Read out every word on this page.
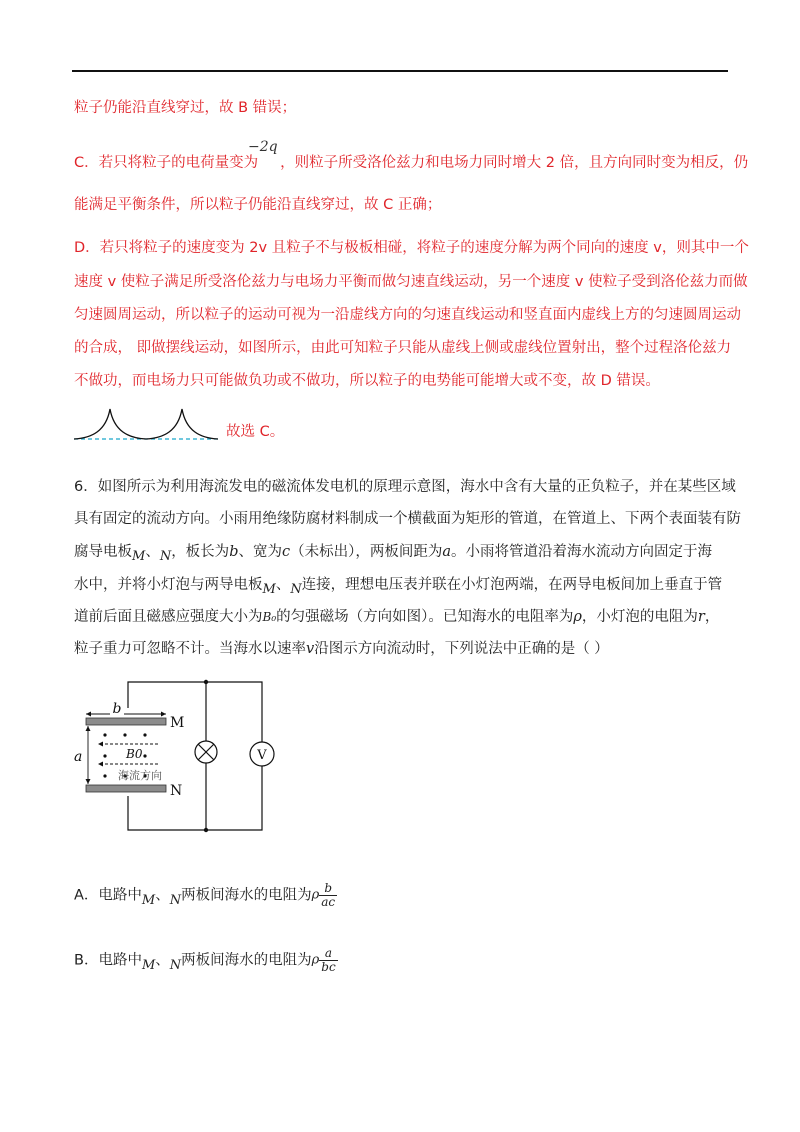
粒子仍能沿直线穿过，故 B 错误；
−2q
C．若只将粒子的电荷量变为 ，则粒子所受洛伦兹力和电场力同时增大 2 倍，且方向同时变为相反，仍
能满足平衡条件，所以粒子仍能沿直线穿过，故 C 正确；
D．若只将粒子的速度变为 2v 且粒子不与极板相碰，将粒子的速度分解为两个同向的速度 v，则其中一个
速度 v 使粒子满足所受洛伦兹力与电场力平衡而做匀速直线运动，另一个速度 v 使粒子受到洛伦兹力而做
匀速圆周运动，所以粒子的运动可视为一沿虚线方向的匀速直线运动和竖直面内虚线上方的匀速圆周运动
的合成， 即做摆线运动，如图所示，由此可知粒子只能从虚线上侧或虚线位置射出，整个过程洛伦兹力
不做功，而电场力只可能做负功或不做功，所以粒子的电势能可能增大或不变，故 D 错误。
故选 C。
6．如图所示为利用海流发电的磁流体发电机的原理示意图，海水中含有大量的正负粒子，并在某些区域
具有固定的流动方向。小雨用绝缘防腐材料制成一个横截面为矩形的管道，在管道上、下两个表面装有防
腐导电板M、N，板长为b、宽为c（未标出），两板间距为a。小雨将管道沿着海水流动方向固定于海
水中，并将小灯泡与两导电板M、N连接，理想电压表并联在小灯泡两端，在两导电板间加上垂直于管
道前后面且磁感应强度大小为B₀的匀强磁场（方向如图）。已知海水的电阻率为ρ，小灯泡的电阻为r，
粒子重力可忽略不计。当海水以速率v沿图示方向流动时，下列说法中正确的是（ ）
V
M
N
b
a	B0
海流方向
A．电路中M、N两板间海水的电阻为ρ $\frac{b}{ac}$
B．电路中M、N两板间海水的电阻为ρ $\frac{a}{bc}$
